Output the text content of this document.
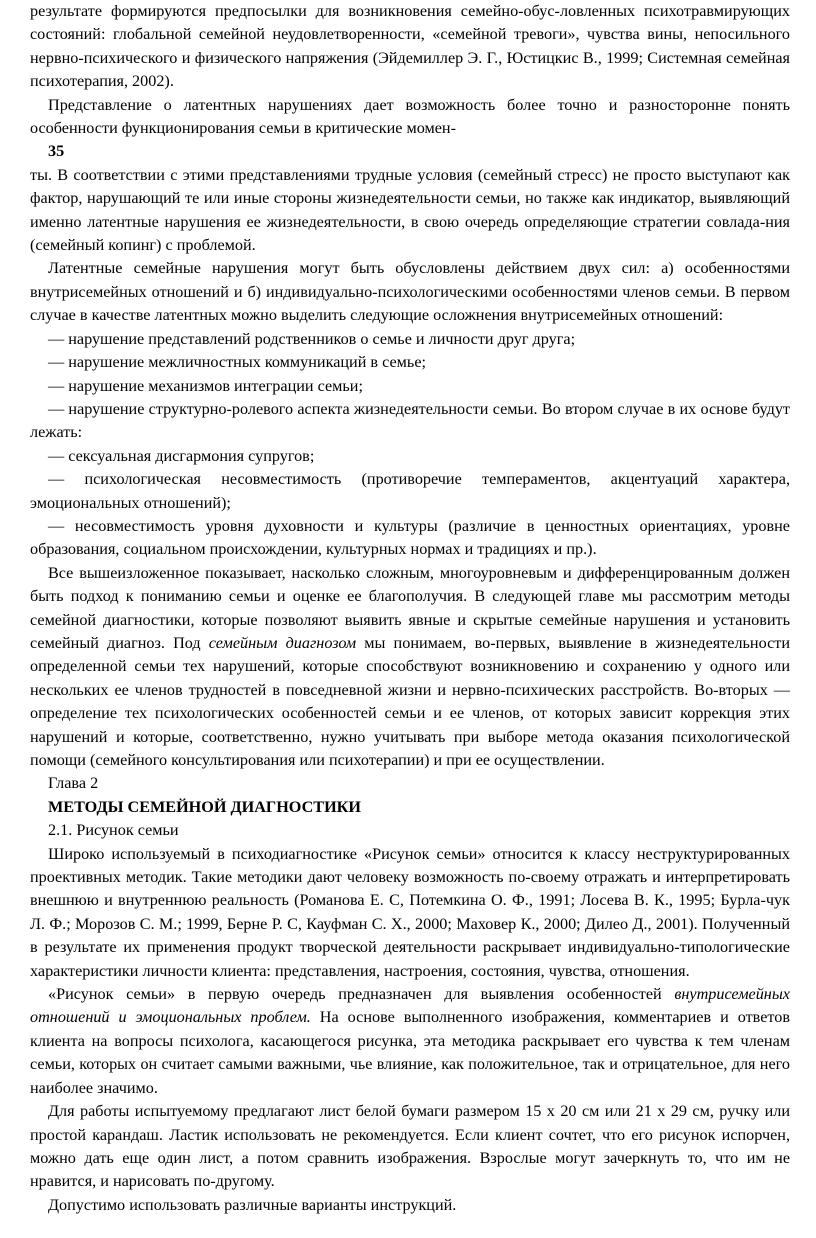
результате формируются предпосылки для возникновения семейно-обус-ловленных психотравмирующих состояний: глобальной семейной неудовлетворенности, «семейной тревоги», чувства вины, непосильного нервно-психического и физического напряжения (Эйдемиллер Э. Г., Юстицкис В., 1999; Системная семейная психотерапия, 2002).

Представление о латентных нарушениях дает возможность более точно и разносторонне понять особенности функционирования семьи в критические момен-

35

ты. В соответствии с этими представлениями трудные условия (семейный стресс) не просто выступают как фактор, нарушающий те или иные стороны жизнедеятельности семьи, но также как индикатор, выявляющий именно латентные нарушения ее жизнедеятельности, в свою очередь определяющие стратегии совлада-ния (семейный копинг) с проблемой.

Латентные семейные нарушения могут быть обусловлены действием двух сил: а) особенностями внутрисемейных отношений и б) индивидуально-психологическими особенностями членов семьи. В первом случае в качестве латентных можно выделить следующие осложнения внутрисемейных отношений:

— нарушение представлений родственников о семье и личности друг друга;

— нарушение межличностных коммуникаций в семье;

— нарушение механизмов интеграции семьи;

— нарушение структурно-ролевого аспекта жизнедеятельности семьи. Во втором случае в их основе будут лежать:

— сексуальная дисгармония супругов;

— психологическая несовместимость (противоречие темпераментов, акцентуаций характера, эмоциональных отношений);

— несовместимость уровня духовности и культуры (различие в ценностных ориентациях, уровне образования, социальном происхождении, культурных нормах и традициях и пр.).

Все вышеизложенное показывает, насколько сложным, многоуровневым и дифференцированным должен быть подход к пониманию семьи и оценке ее благополучия. В следующей главе мы рассмотрим методы семейной диагностики, которые позволяют выявить явные и скрытые семейные нарушения и установить семейный диагноз. Под семейным диагнозом мы понимаем, во-первых, выявление в жизнедеятельности определенной семьи тех нарушений, которые способствуют возникновению и сохранению у одного или нескольких ее членов трудностей в повседневной жизни и нервно-психических расстройств. Во-вторых — определение тех психологических особенностей семьи и ее членов, от которых зависит коррекция этих нарушений и которые, соответственно, нужно учитывать при выборе метода оказания психологической помощи (семейного консультирования или психотерапии) и при ее осуществлении.

Глава 2

МЕТОДЫ СЕМЕЙНОЙ ДИАГНОСТИКИ

2.1. Рисунок семьи

Широко используемый в психодиагностике «Рисунок семьи» относится к классу неструктурированных проективных методик. Такие методики дают человеку возможность по-своему отражать и интерпретировать внешнюю и внутреннюю реальность (Романова Е. С, Потемкина О. Ф., 1991; Лосева В. К., 1995; Бурла-чук Л. Ф.; Морозов С. М.; 1999, Берне Р. С, Кауфман С. X., 2000; Маховер К., 2000; Дилео Д., 2001). Полученный в результате их применения продукт творческой деятельности раскрывает индивидуально-типологические характеристики личности клиента: представления, настроения, состояния, чувства, отношения.

«Рисунок семьи» в первую очередь предназначен для выявления особенностей внутрисемейных отношений и эмоциональных проблем. На основе выполненного изображения, комментариев и ответов клиента на вопросы психолога, касающегося рисунка, эта методика раскрывает его чувства к тем членам семьи, которых он считает самыми важными, чье влияние, как положительное, так и отрицательное, для него наиболее значимо.

Для работы испытуемому предлагают лист белой бумаги размером 15 x 20 см или 21 x 29 см, ручку или простой карандаш. Ластик использовать не рекомендуется. Если клиент сочтет, что его рисунок испорчен, можно дать еще один лист, а потом сравнить изображения. Взрослые могут зачеркнуть то, что им не нравится, и нарисовать по-другому.

Допустимо использовать различные варианты инструкций.
